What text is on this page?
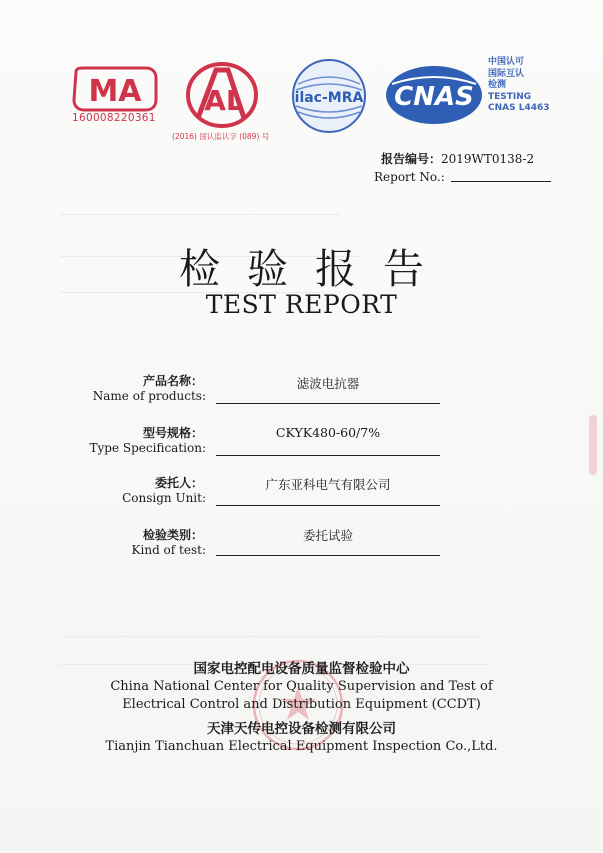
MA
160008220361
AL
(2016) 国认监认字 (089) 号
ilac-MRA CNAS
中国认可
国际互认
检测
TESTING
CNAS L4463
报告编号：2019WT0138-2
Report No.:
检验报告
TEST REPORT
产品名称：
Name of products:
滤波电抗器
型号规格：
Type Specification:
CKYK480-60/7%
委托人：
Consign Unit:
广东亚科电气有限公司
检验类别：
Kind of test:
委托试验
国家电控配电设备质量监督检验中心
China National Center for Quality Supervision and Test of
Electrical Control and Distribution Equipment (CCDT)
天津天传电控设备检测有限公司
Tianjin Tianchuan Electrical Equipment Inspection Co.,Ltd.
